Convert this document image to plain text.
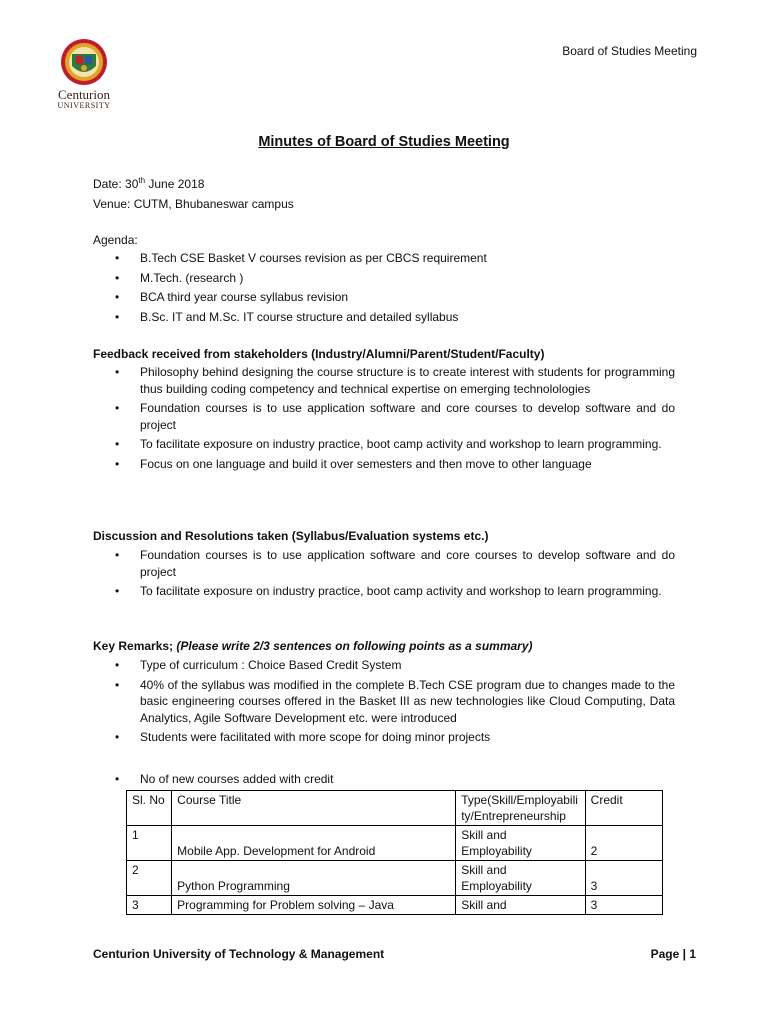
Centurion
UNIVERSITY
Board of Studies Meeting
Minutes of Board of Studies Meeting
Date: 30th June 2018
Venue: CUTM, Bhubaneswar campus
Agenda:
• B.Tech CSE Basket V courses revision as per CBCS requirement
• M.Tech. (research )
• BCA third year course syllabus revision
• B.Sc. IT and M.Sc. IT course structure and detailed syllabus
Feedback received from stakeholders (Industry/Alumni/Parent/Student/Faculty)
• Philosophy behind designing the course structure is to create interest with students for programming thus building coding competency and technical expertise on emerging technolologies
• Foundation courses is to use application software and core courses to develop software and do project
• To facilitate exposure on industry practice, boot camp activity and workshop to learn programming.
• Focus on one language and build it over semesters and then move to other language
Discussion and Resolutions taken (Syllabus/Evaluation systems etc.)
• Foundation courses is to use application software and core courses to develop software and do project
• To facilitate exposure on industry practice, boot camp activity and workshop to learn programming.
Key Remarks; (Please write 2/3 sentences on following points as a summary)
• Type of curriculum : Choice Based Credit System
• 40% of the syllabus was modified in the complete B.Tech CSE program due to changes made to the basic engineering courses offered in the Basket III as new technologies like Cloud Computing, Data Analytics, Agile Software Development etc. were introduced
• Students were facilitated with more scope for doing minor projects
• No of new courses added with credit
Sl. No	Course Title	Type(Skill/Employability/Entrepreneurship	Credit
1	Mobile App. Development for Android	Skill and Employability	2
2	Python Programming	Skill and Employability	3
3	Programming for Problem solving – Java	Skill and	3
Centurion University of Technology & Management	Page | 1
